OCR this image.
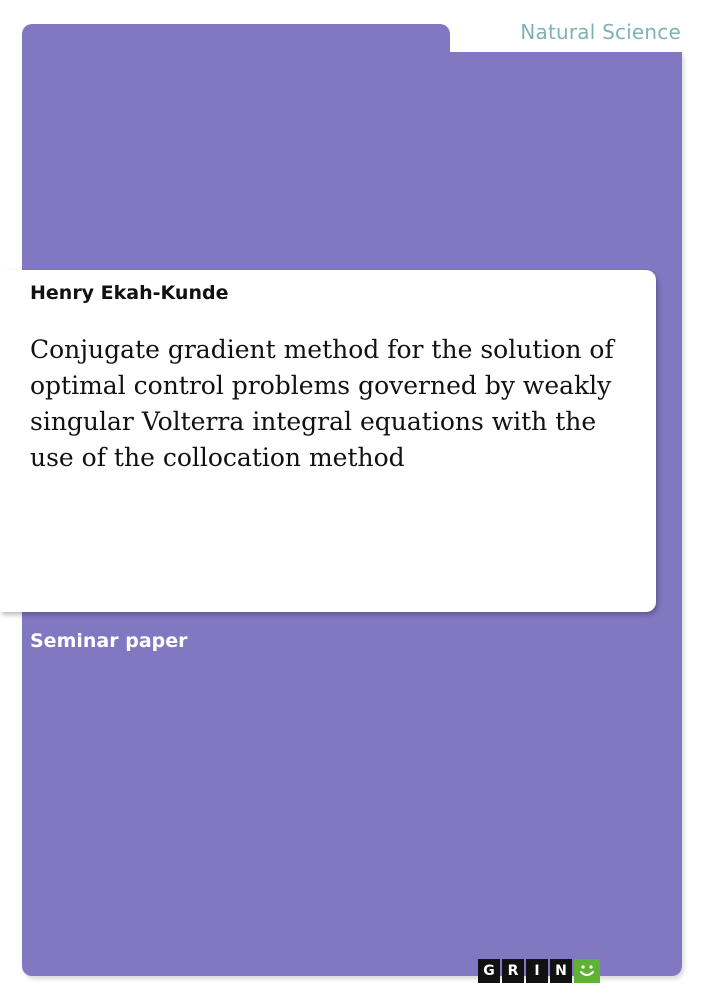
Natural Science
Henry Ekah-Kunde
Conjugate gradient method for the solution of optimal control problems governed by weakly singular Volterra integral equations with the use of the collocation method
Seminar paper
G R	I	N
